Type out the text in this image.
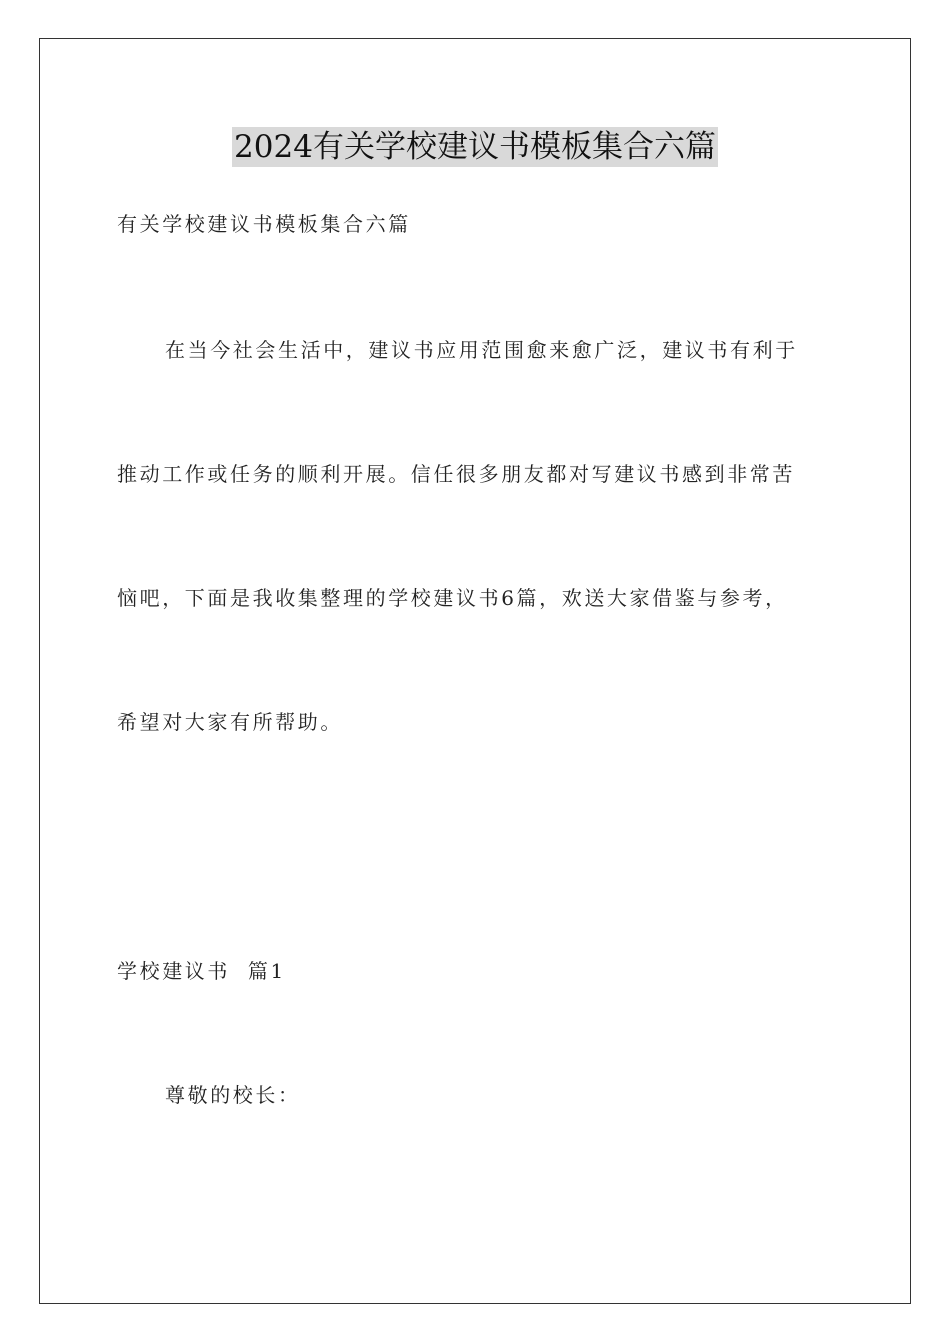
2024有关学校建议书模板集合六篇
有关学校建议书模板集合六篇
在当今社会生活中，建议书应用范围愈来愈广泛，建议书有利于
推动工作或任务的顺利开展。信任很多朋友都对写建议书感到非常苦
恼吧，下面是我收集整理的学校建议书6篇，欢送大家借鉴与参考，
希望对大家有所帮助。
学校建议书  篇1
尊敬的校长：
